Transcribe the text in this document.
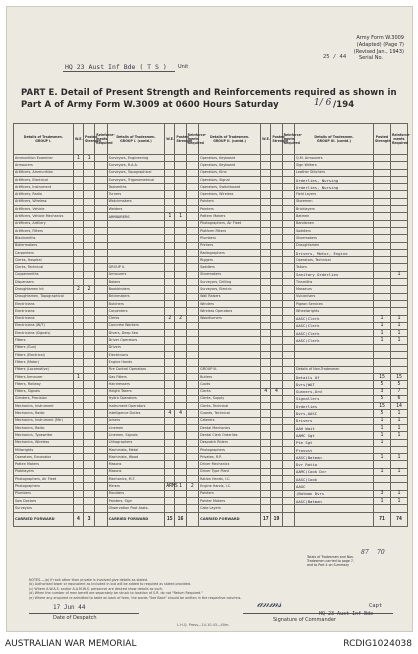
HQ 23 Aust Inf Bde ( T S ) Unit
Army Form W.3009
(Adapted) (Page 7)
(Revised Jan., 1943)
25 / 44	Serial No.
PART E. Detail of Present Strength and Reinforcements required as shown in
Part A of Army Form W.3009 at 0600 Hours Saturday	1/ 6 /194
Details of Tradesmen.
GROUP I.	W.E.	Posted Strength	Reinforce-ments Required	Details of Tradesmen.
GROUP I. (contd.)	W.E.	Posted Strength	Reinforce-ments Required	Details of Tradesmen.
GROUP II. (contd.)	W.E.	Posted Strength	Reinforce-ments Required	Details of Tradesmen.
GROUP III. (contd.)	Posted Strength	Reinforce-ments Required
Ammunition Examiner	1	1		Surveyors, Engineering				Operators, Keyboard				Q.M. Armourers		
Armourers				Surveyors, R.A.A.				Operators, Keyboard				Sign Writers		
Artificers, Ammunition				Surveyors, Topographical				Operators, Kine				Leather Stitchers		
Artificers, Electrical				Surveyors, Trigonometrical				Operators, Signal				Orderlies, Nursing		
Artificers, Instrument				Toolsmiths				Operators, Switchboard				Orderlies, Nursing		
Artificers, Radio				Turners				Operators, Wireless				Field Layers		
Artificers, Wireless				Watchmakers				Painters				Storemen		
Artificers, Vehicle				Welders				Pointers				Bricklayers		
Artificers, Vehicle Mechanics				ARMOURERS	1	1		Pattern Makers				Batmen		
Artificers, Artillery								Photographers, Air Fleet				Bandsmen		
Artificers, Fitters								Platform Fitters				Saddlers		
Blacksmiths								Plumbers				Shoemakers		
Boilermakers								Printers				Draughtsmen		
Carpenters								Radiographers				Drivers, Motor, Engine		
Clerks, Hospital								Riggers				Operators, Technical		
Clerks, Technical				GROUP II.				Saddlers				Tailors		
Coppersmiths				Armourers				Shoemakers				Sanitary Orderlies		1
Dispensers				Bakers				Surveyors, Drilling				Tinsmiths		
Draughtsmen Int	2	2		Bookbinders				Surveyors, Electric				Masseurs		
Draughtsmen, Topographical				Brickmakers				Wall Raisers				Vulcanisers		
Electricians				Butchers				Winders				Pigeon Services		
Electricians				Carpenters				Wireless Operators				Wheelwrights		
Electricians				Clerks	2	2		Woodturners				AASC(Clerk	1	1
Electricians (W/T)				Concrete Workers								AASC(Clerk	1	1
Electricians (Signals)				Divers, Deep Sea								AASC(Clerk	1	1
Fitters				Driver Operators								AASC(Clerk	1	1
Fitters (Gun)				Drivers										
Fitters (Electrical)				Electricians										
Fitters (Motor)				Engine Hands										
Fitters (Locomotive)				Fire Control Operators				GROUP III.				Details of Non-Tradesmen		
Fitters Armourer	1			Gas Fitters				Butlers				Details Of	15	15
Fitters, Railway				Hairdressers				Cooks				Dvrs(WAT	5	5
Fitters, Signals				Height Takers				Clerks	4	4		Gunners,Ord	3	7
Grinders, Precision				Hydro Operators				Clerks, Supply				Signallers	5	6
Mechanics, Instrument				Instrument Operators				Clerks, Technical				Orderlies	15	14
Mechanics, Radio				Intelligence Duties	4	4		Guards, Technical				Dvrs,AASC	5	1
Mechanics, Instrument (Mtr)				Joiners				Caterers				Drivers	1	1
Mechanics, Radio				Linemen				Dental Mechanics				AAH Wait	1	1
Mechanics, Typewriter				Linemen, Signals				Dental Clerk Orderlies				AAMC Sgt	1	1
Mechanics, Wireless				Lithographers				Despatch Riders				Pte Sgt	1	
Millwrights				Machinists, Metal				Photographers				Provost		
Operators, Excavator				Machinists, Wood				Privates, R.P.				AASC(Batman	1	1
Patten Makers				Masons				Driver Mechanics				Dvr Ratio		
Platelayers				Masons				Driver Type Plant				AAMC(Cook Dvr	1	1
Photographers, Air Fleet				Mechanics, M.T.				Ration Hands, I.C.				AASC(Cook		
Photographers				Miners	ARMS	1	2	Engine Hands, I.C.				AAOC		
Plumbers				Moulders				Painters				(Batman Dvrs	3	1
Saw Doctors				Painters, Sign				Painter Makers				AASC(Batman	1	1
Surveyors				Observation Post Assts.				Cake Layers						
CARRIED FORWARD	4	3		CARRIED FORWARD	15	16		CARRIED FORWARD	17	19			71	74
87 70
Totals of Tradesmen and Non-Tradesmen carried to page 7, and to Part 4 on Summary
NOTES.—(a) If rank other than private is involved give details as stated.
(b) Authorised lower or equivalent as included in but will be added to required as stated provided.
(c) Where A.W.A.S. and/or A.A.M.W.S. personnel are desired show details as such.
(d) When the number of men bereft are separately be struck to location of S.R. do not "Return Required."
(e) Where any enquired re admitted to table on back of form, the words "See Back" should be written in the respective columns.
17 Jun 44
Date of Despatch
𝒶𝓃𝓂𝓈	Capt
HQ 23 Aust Inf Bde
Signature of Commander
L.H.Q. Press—14.10.43—40m.
AUSTRALIAN WAR MEMORIAL	RCDIG1024038
